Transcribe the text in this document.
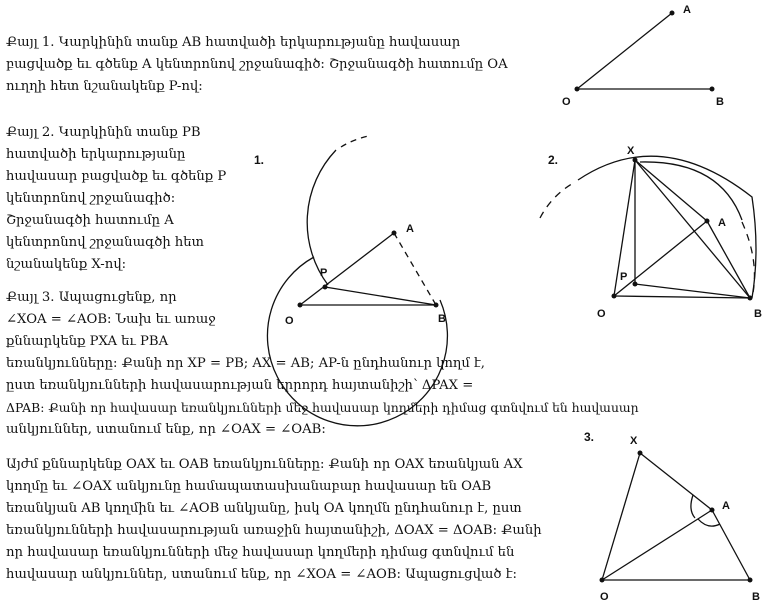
Քայլ 1. Կարկինին տանք AB հատվածի երկարությանը հավասար
բացվածք եւ գծենք A կենտրոնով շրջանագիծ: Շրջանագծի հատումը OA
ուղղի հետ նշանակենք P-ով:
Քայլ 2. Կարկինին տանք PB
հատվածի երկարությանը
հավասար բացվածք եւ գծենք P
կենտրոնով շրջանագիծ:
Շրջանագծի հատումը A
կենտրոնով շրջանագծի հետ
նշանակենք X-ով:
Քայլ 3. Ապացուցենք, որ
∠XOA = ∠AOB: Նախ եւ առաջ
քննարկենք PXA եւ PBA
եռանկյունները: Քանի որ XP = PB; AX = AB; AP-ն ընդհանուր կողմ է,
ըստ եռանկյունների հավասարության երրորդ հայտանիշի՝ ΔPAX =
ΔPAB: Քանի որ հավասար եռանկյունների մեջ հավասար կողմերի դիմաց գտնվում են հավասար
անկյուններ, ստանում ենք, որ ∠OAX = ∠OAB:
Այժմ քննարկենք OAX եւ OAB եռանկյունները: Քանի որ OAX եռանկյան AX
կողմը եւ ∠OAX անկյունը համապատասխանաբար հավասար են OAB
եռանկյան AB կողմին եւ ∠AOB անկյանը, իսկ OA կողմն ընդհանուր է, ըստ
եռանկյունների հավասարության առաջին հայտանիշի, ΔOAX = ΔOAB: Քանի
որ հավասար եռանկյունների մեջ հավասար կողմերի դիմաց գտնվում են
հավասար անկյուններ, ստանում ենք, որ ∠XOA = ∠AOB: Ապացուցված է:
A
O	B
1.
A
P
O	B
2.
X
A
P
O	B
3.	X
A
O	B
